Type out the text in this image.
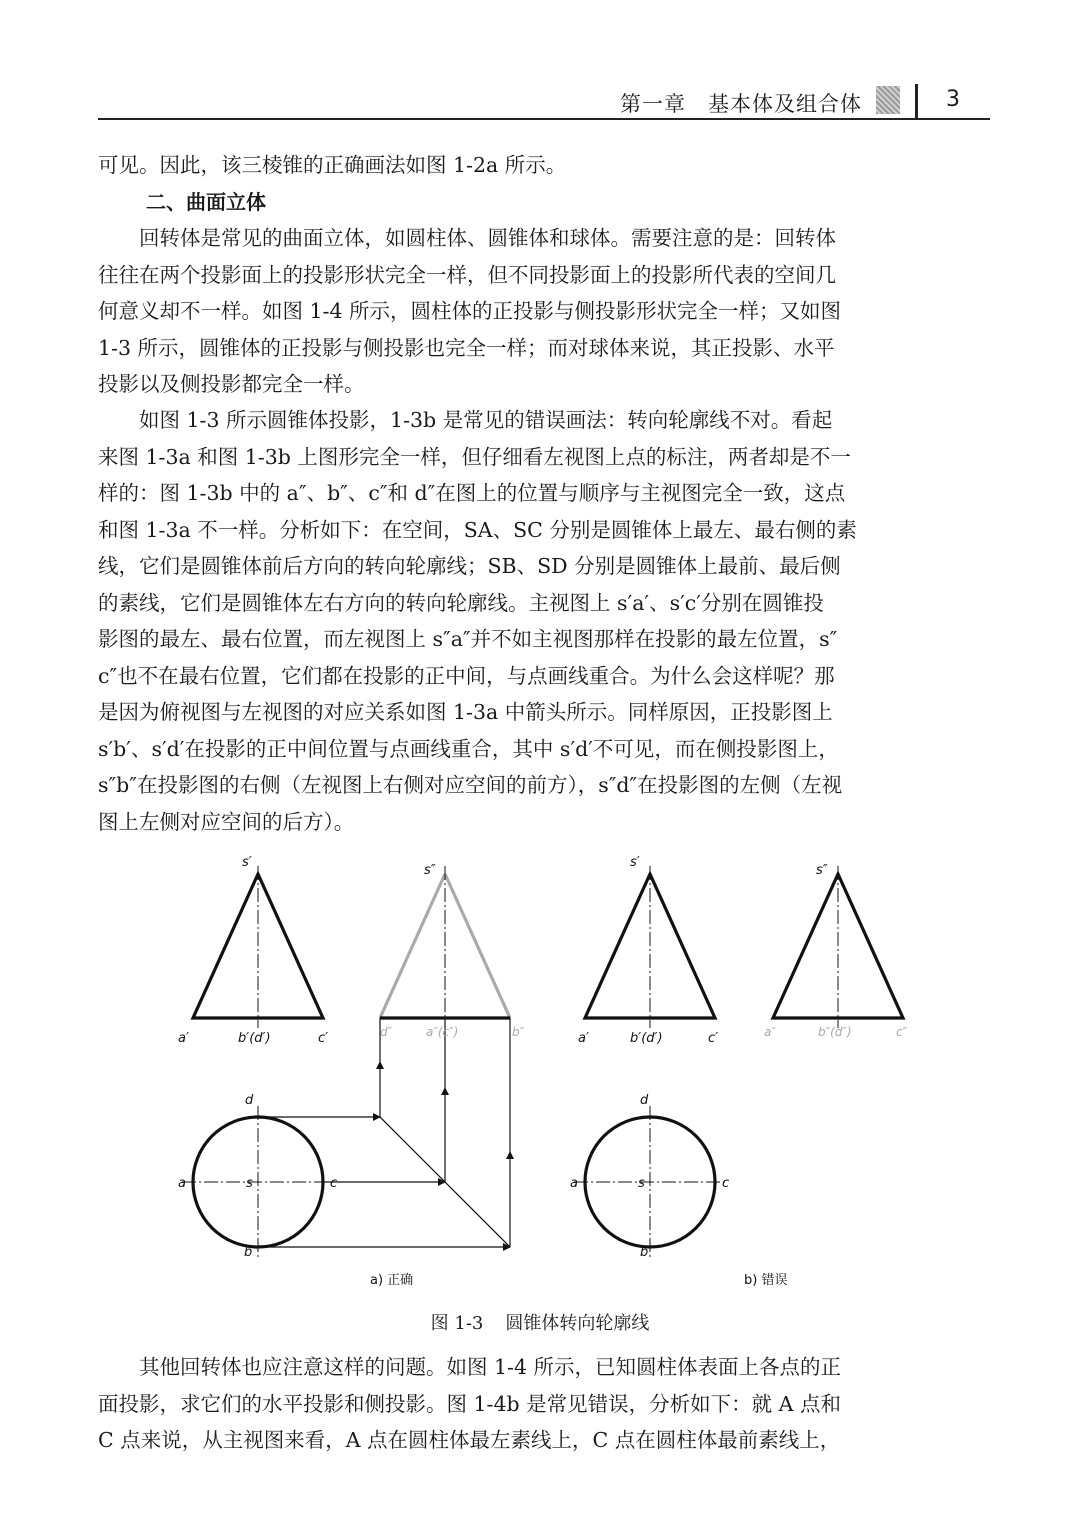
第一章　基本体及组合体	3

可见。因此，该三棱锥的正确画法如图 1-2a 所示。

二、曲面立体

　　回转体是常见的曲面立体，如圆柱体、圆锥体和球体。需要注意的是：回转体
往往在两个投影面上的投影形状完全一样，但不同投影面上的投影所代表的空间几
何意义却不一样。如图 1-4 所示，圆柱体的正投影与侧投影形状完全一样；又如图
1-3 所示，圆锥体的正投影与侧投影也完全一样；而对球体来说，其正投影、水平
投影以及侧投影都完全一样。

　　如图 1-3 所示圆锥体投影，1-3b 是常见的错误画法：转向轮廓线不对。看起
来图 1-3a 和图 1-3b 上图形完全一样，但仔细看左视图上点的标注，两者却是不一
样的：图 1-3b 中的 a″、b″、c″和 d″在图上的位置与顺序与主视图完全一致，这点
和图 1-3a 不一样。分析如下：在空间，SA、SC 分别是圆锥体上最左、最右侧的素
线，它们是圆锥体前后方向的转向轮廓线；SB、SD 分别是圆锥体上最前、最后侧
的素线，它们是圆锥体左右方向的转向轮廓线。主视图上 s′a′、s′c′分别在圆锥投
影图的最左、最右位置，而左视图上 s″a″并不如主视图那样在投影的最左位置，s″
c″也不在最右位置，它们都在投影的正中间，与点画线重合。为什么会这样呢？那
是因为俯视图与左视图的对应关系如图 1-3a 中箭头所示。同样原因，正投影图上
s′b′、s′d′在投影的正中间位置与点画线重合，其中 s′d′不可见，而在侧投影图上，
s″b″在投影图的右侧（左视图上右侧对应空间的前方），s″d″在投影图的左侧（左视
图上左侧对应空间的后方）。

s′
s″
a′	b′(d′)	c′	d″	a″(c″)	b″
d
a	s	c
b
s′
s″
a′	b′(d′)	c′	a″	b″(d″)	c″
d
a	s	c
b
a) 正确	b) 错误
图 1-3 圆锥体转向轮廓线

　　其他回转体也应注意这样的问题。如图 1-4 所示，已知圆柱体表面上各点的正
面投影，求它们的水平投影和侧投影。图 1-4b 是常见错误，分析如下：就 A 点和
C 点来说，从主视图来看，A 点在圆柱体最左素线上，C 点在圆柱体最前素线上，
